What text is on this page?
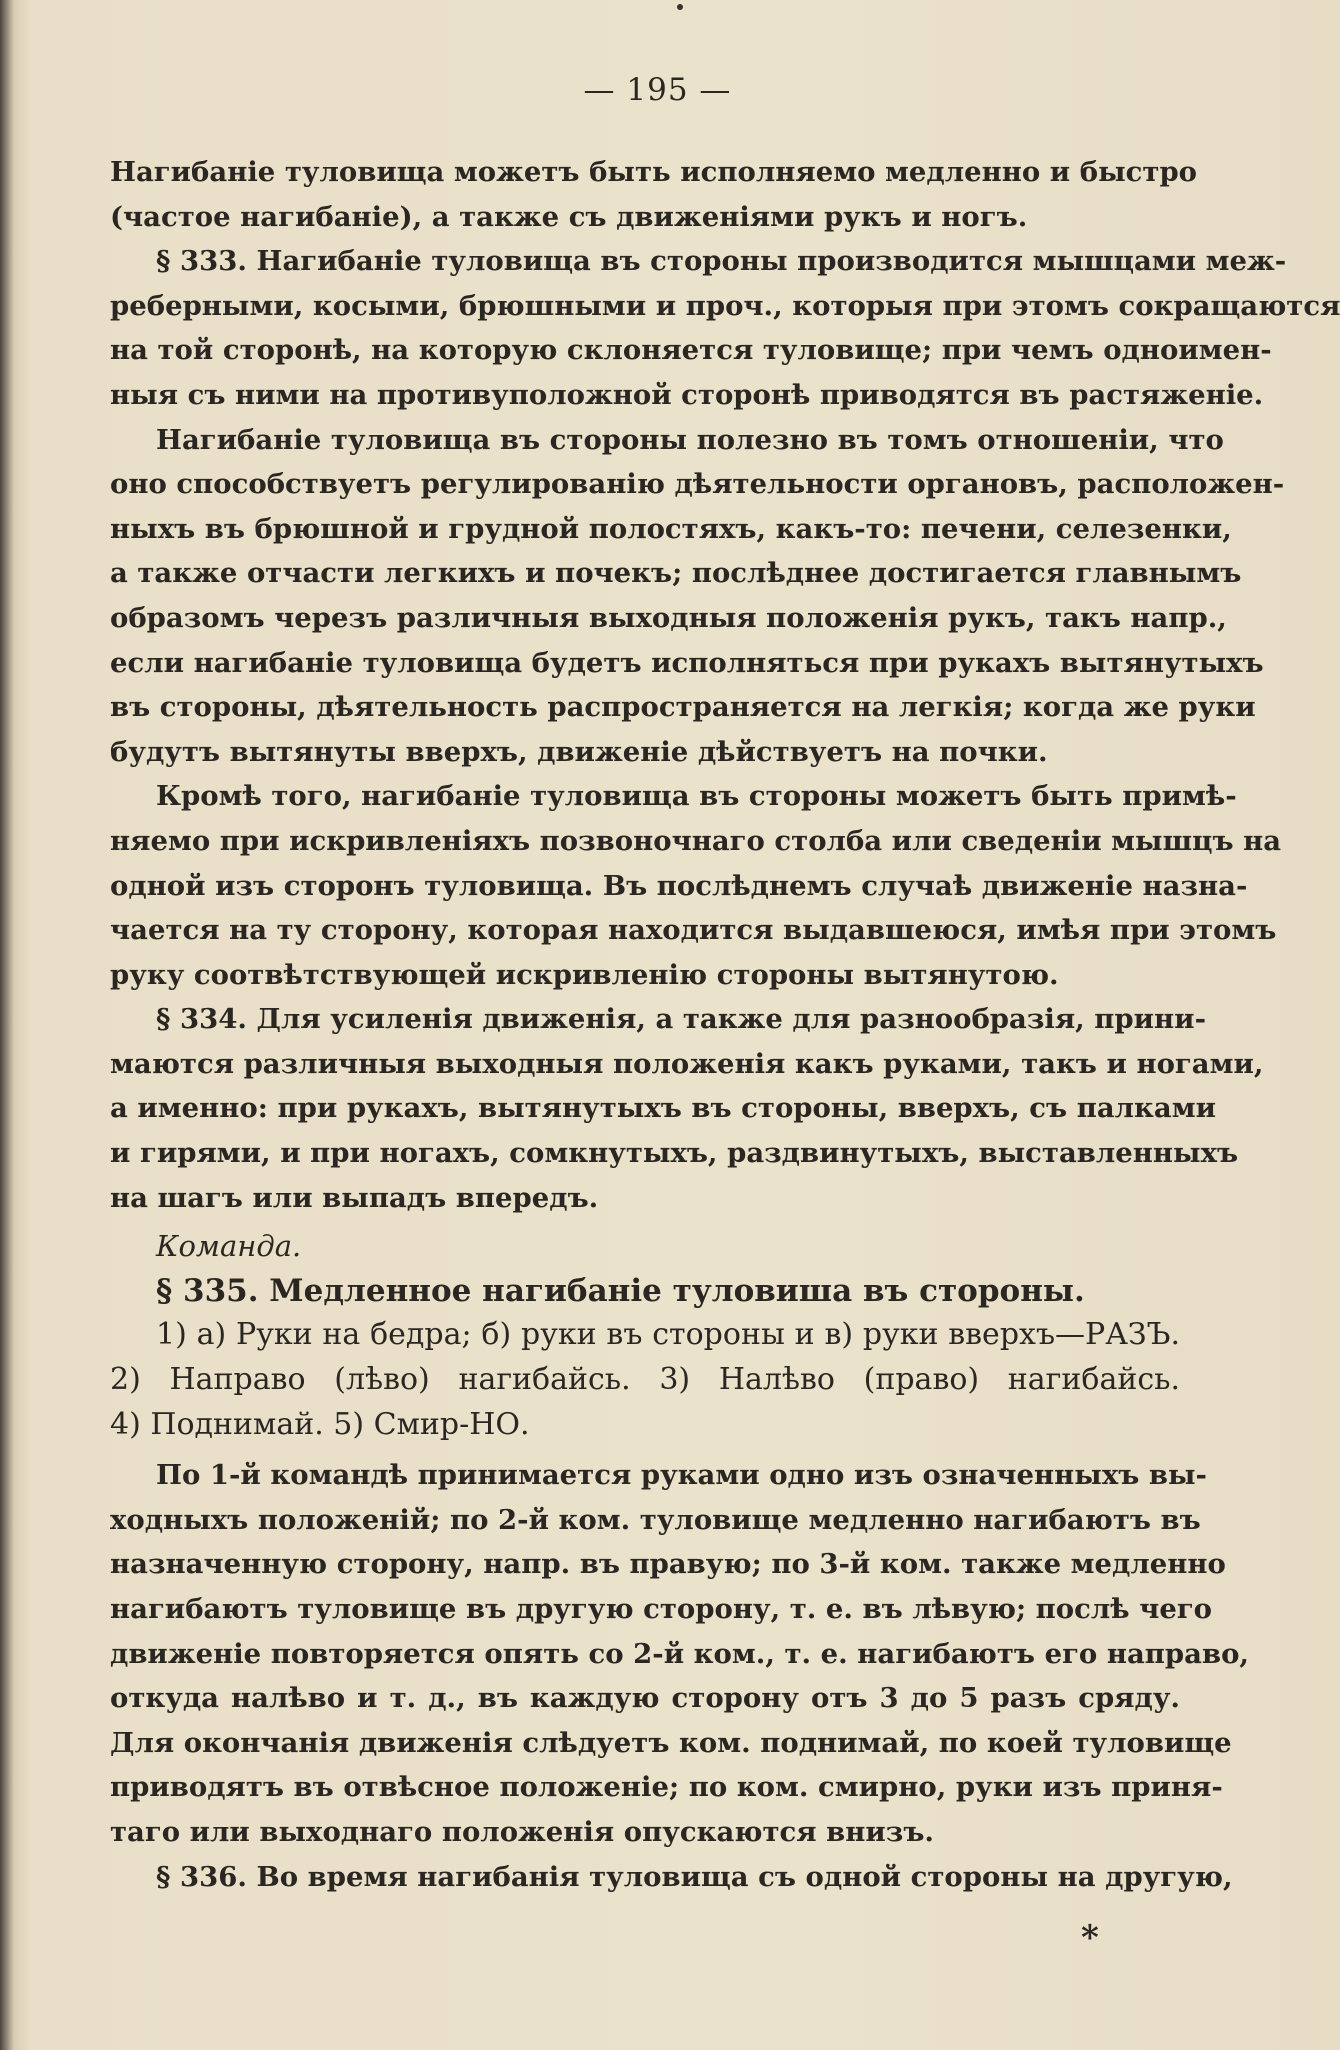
— 195 —
Нагибаніе туловища можетъ быть исполняемо медленно и быстро
(частое нагибаніе), а также съ движеніями рукъ и ногъ.
§ 333. Нагибаніе туловища въ стороны производится мышцами меж-
реберными, косыми, брюшными и проч., которыя при этомъ сокращаются
на той сторонѣ, на которую склоняется туловище; при чемъ одноимен-
ныя съ ними на противуположной сторонѣ приводятся въ растяженіе.
Нагибаніе туловища въ стороны полезно въ томъ отношеніи, что
оно способствуетъ регулированію дѣятельности органовъ, расположен-
ныхъ въ брюшной и грудной полостяхъ, какъ-то: печени, селезенки,
а также отчасти легкихъ и почекъ; послѣднее достигается главнымъ
образомъ черезъ различныя выходныя положенія рукъ, такъ напр.,
если нагибаніе туловища будетъ исполняться при рукахъ вытянутыхъ
въ стороны, дѣятельность распространяется на легкія; когда же руки
будутъ вытянуты вверхъ, движеніе дѣйствуетъ на почки.
Кромѣ того, нагибаніе туловища въ стороны можетъ быть примѣ-
няемо при искривленіяхъ позвоночнаго столба или сведеніи мышцъ на
одной изъ сторонъ туловища. Въ послѣднемъ случаѣ движеніе назна-
чается на ту сторону, которая находится выдавшеюся, имѣя при этомъ
руку соотвѣтствующей искривленію стороны вытянутою.
§ 334. Для усиленія движенія, а также для разнообразія, прини-
маются различныя выходныя положенія какъ руками, такъ и ногами,
а именно: при рукахъ, вытянутыхъ въ стороны, вверхъ, съ палками
и гирями, и при ногахъ, сомкнутыхъ, раздвинутыхъ, выставленныхъ
на шагъ или выпадъ впередъ.
Команда.
§ 335. Медленное нагибаніе туловиша въ стороны.
1) а) Руки на бедра; б) руки въ стороны и в) руки вверхъ—РАЗЪ.
2) Направо (лѣво) нагибайсь. 3) Налѣво (право) нагибайсь.
4) Поднимай. 5) Смир-НО.
По 1-й командѣ принимается руками одно изъ означенныхъ вы-
ходныхъ положеній; по 2-й ком. туловище медленно нагибаютъ въ
назначенную сторону, напр. въ правую; по 3-й ком. также медленно
нагибаютъ туловище въ другую сторону, т. е. въ лѣвую; послѣ чего
движеніе повторяется опять со 2-й ком., т. е. нагибаютъ его направо,
откуда налѣво и т. д., въ каждую сторону отъ 3 до 5 разъ сряду.
Для окончанія движенія слѣдуетъ ком. поднимай, по коей туловище
приводятъ въ отвѣсное положеніе; по ком. смирно, руки изъ приня-
таго или выходнаго положенія опускаются внизъ.
§ 336. Во время нагибанія туловища съ одной стороны на другую,
*
